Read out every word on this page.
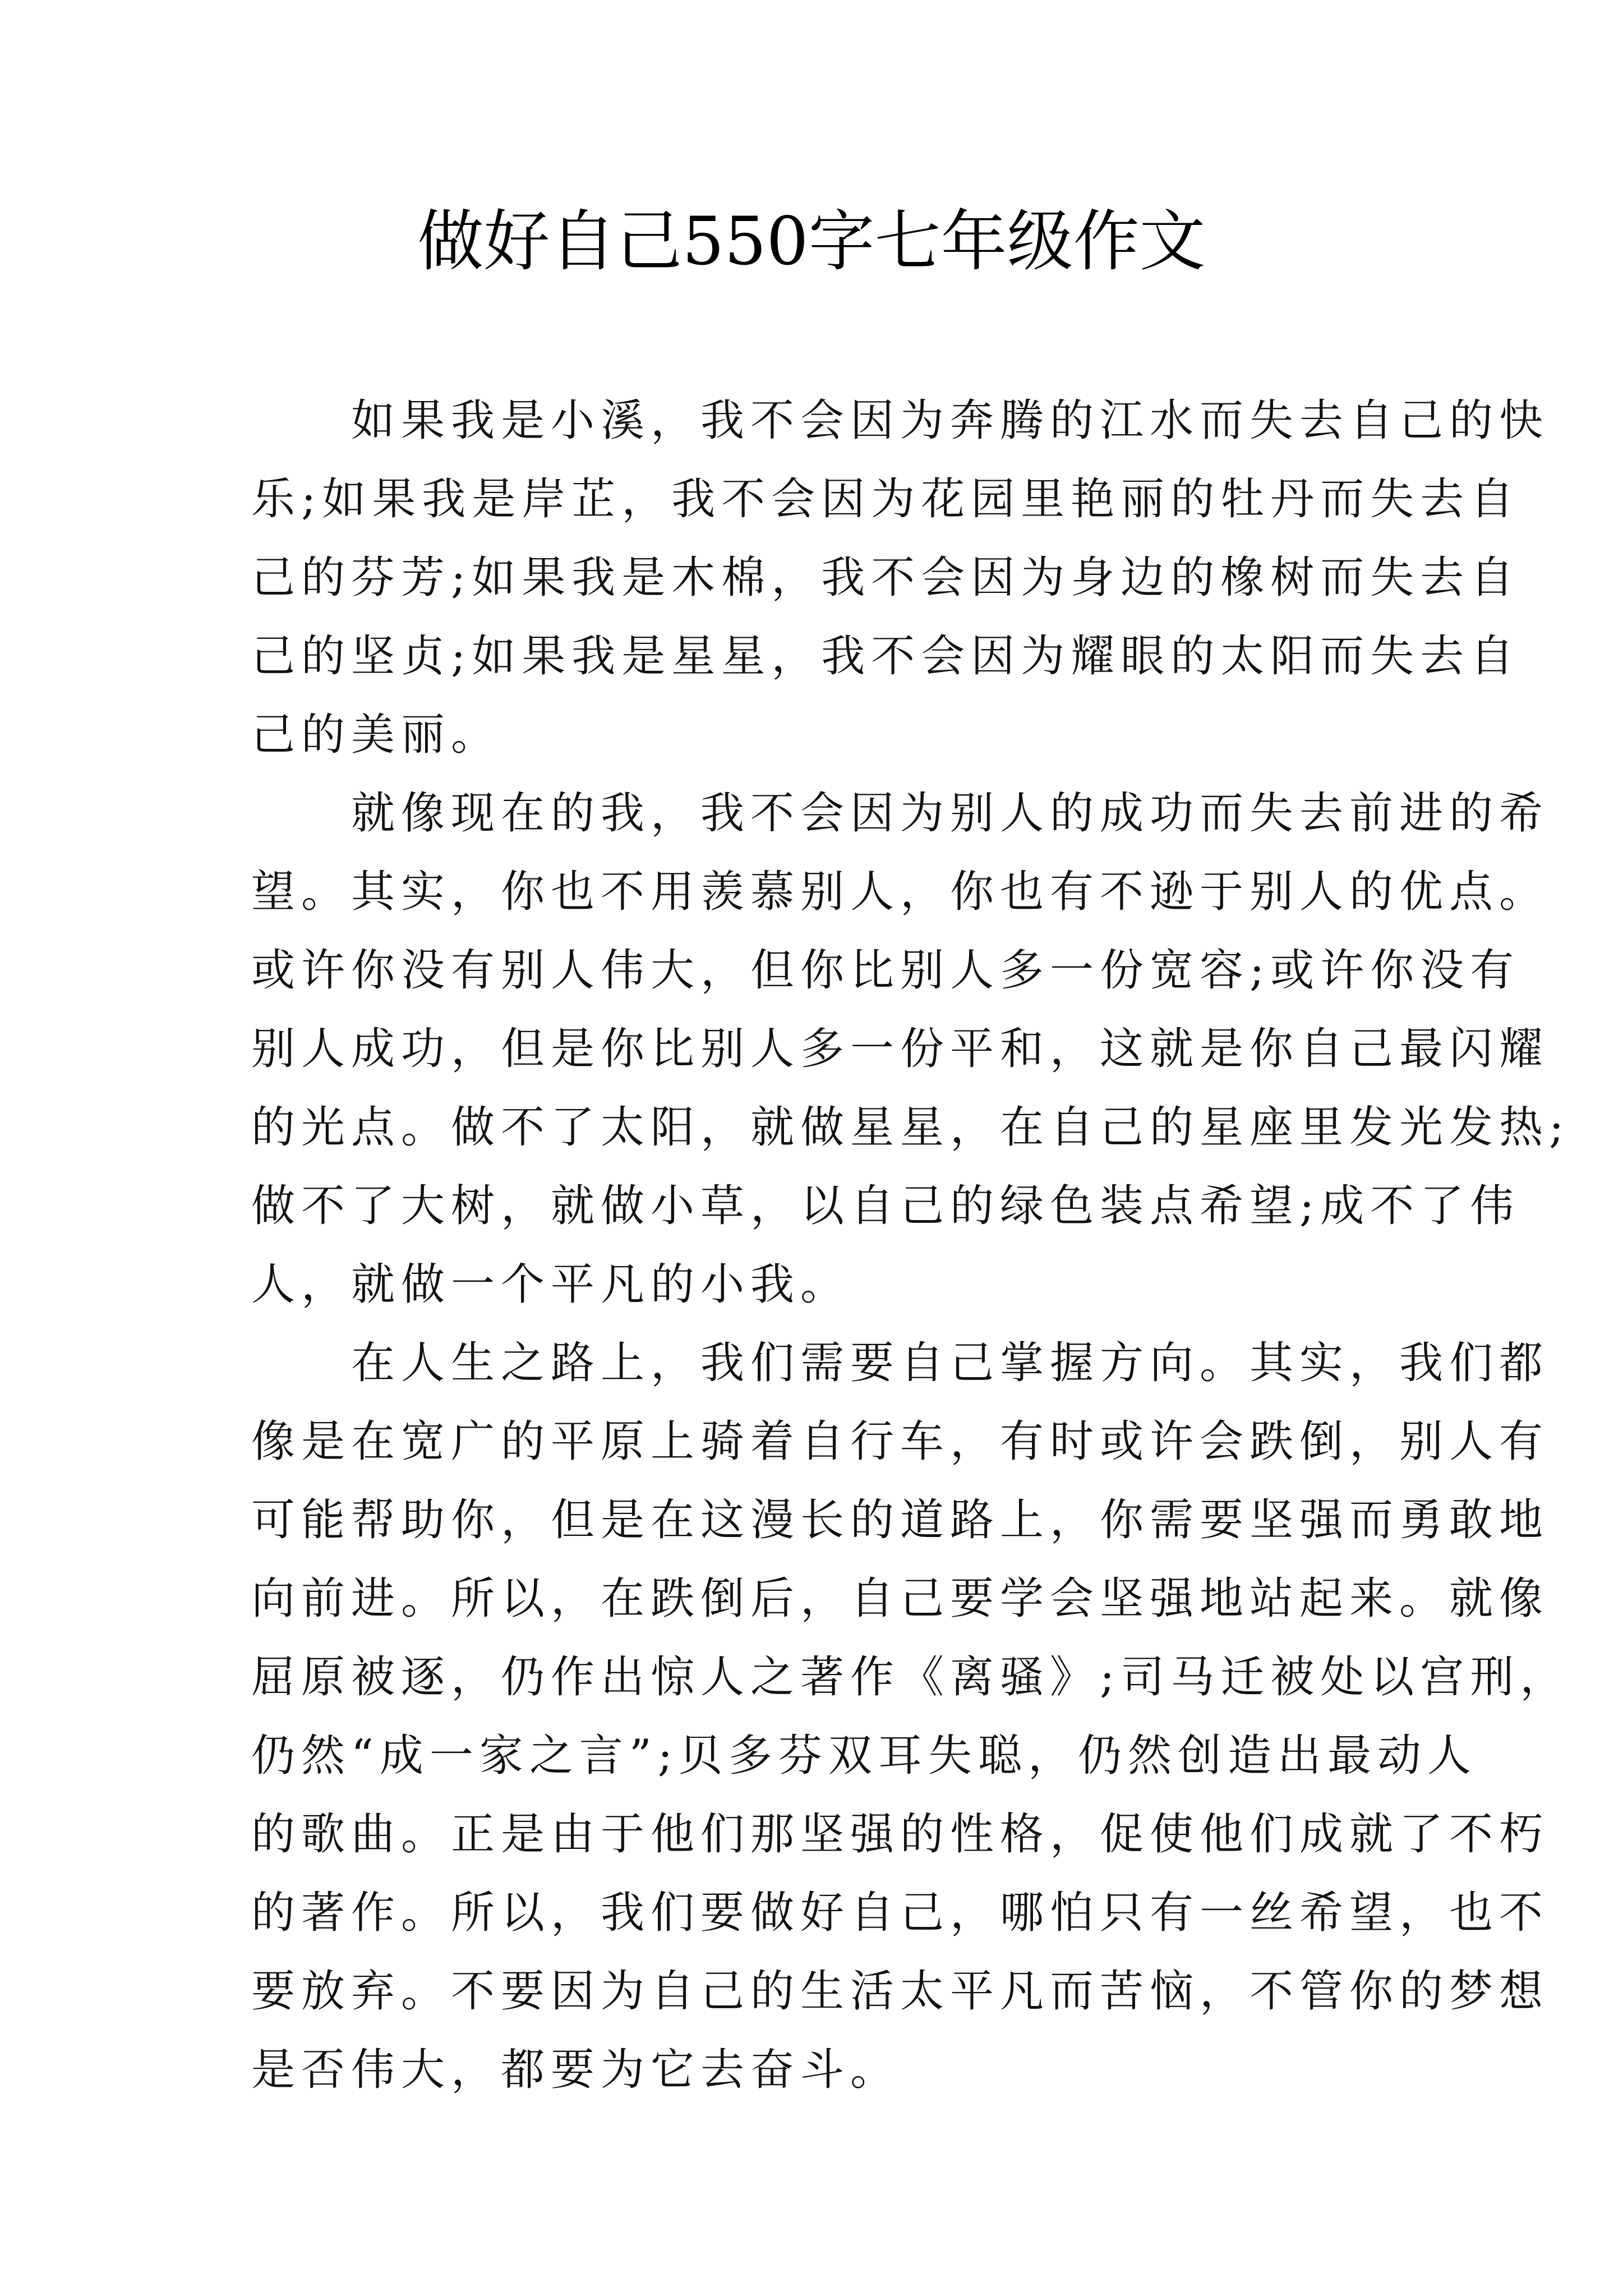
做好自己550字七年级作文
如果我是小溪，我不会因为奔腾的江水而失去自己的快
乐;如果我是岸芷，我不会因为花园里艳丽的牡丹而失去自
己的芬芳;如果我是木棉，我不会因为身边的橡树而失去自
己的坚贞;如果我是星星，我不会因为耀眼的太阳而失去自
己的美丽。
就像现在的我，我不会因为别人的成功而失去前进的希
望。其实，你也不用羡慕别人，你也有不逊于别人的优点。
或许你没有别人伟大，但你比别人多一份宽容;或许你没有
别人成功，但是你比别人多一份平和，这就是你自己最闪耀
的光点。做不了太阳，就做星星，在自己的星座里发光发热;
做不了大树，就做小草，以自己的绿色装点希望;成不了伟
人，就做一个平凡的小我。
在人生之路上，我们需要自己掌握方向。其实，我们都
像是在宽广的平原上骑着自行车，有时或许会跌倒，别人有
可能帮助你，但是在这漫长的道路上，你需要坚强而勇敢地
向前进。所以，在跌倒后，自己要学会坚强地站起来。就像
屈原被逐，仍作出惊人之著作《离骚》;司马迁被处以宫刑，
仍然“成一家之言”;贝多芬双耳失聪，仍然创造出最动人
的歌曲。正是由于他们那坚强的性格，促使他们成就了不朽
的著作。所以，我们要做好自己，哪怕只有一丝希望，也不
要放弃。不要因为自己的生活太平凡而苦恼，不管你的梦想
是否伟大，都要为它去奋斗。
